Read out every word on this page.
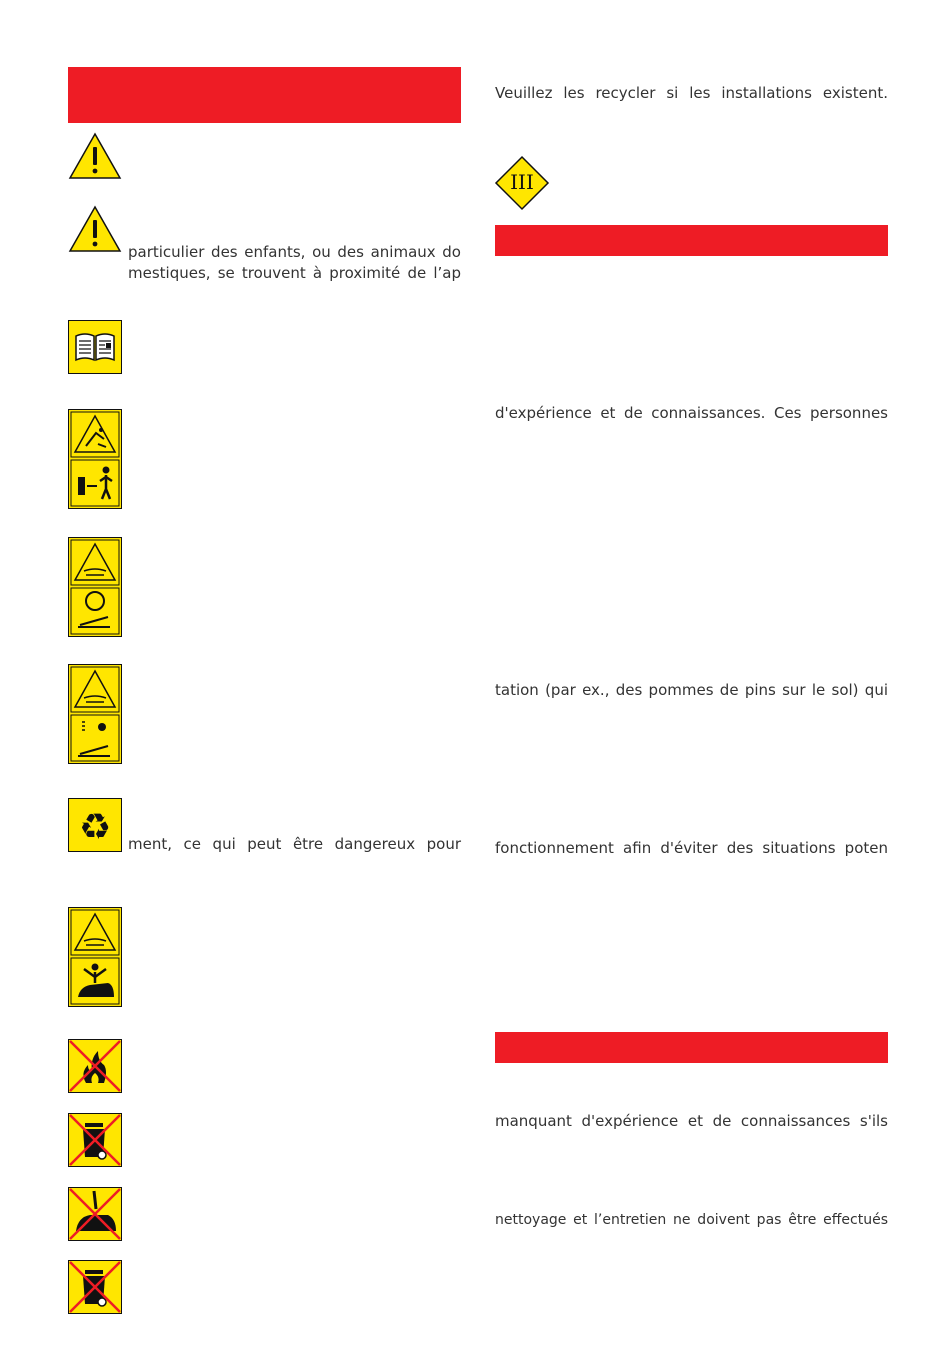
particulier des enfants, ou des animaux do
mestiques, se trouvent à proximité de l’ap
♻ ment, ce qui peut être dangereux pour
Veuillez les recycler si les installations existent.
III
d'expérience et de connaissances. Ces personnes
tation (par ex., des pommes de pins sur le sol) qui
fonctionnement afin d'éviter des situations poten
manquant d'expérience et de connaissances s'ils
nettoyage et l’entretien ne doivent pas être effectués
